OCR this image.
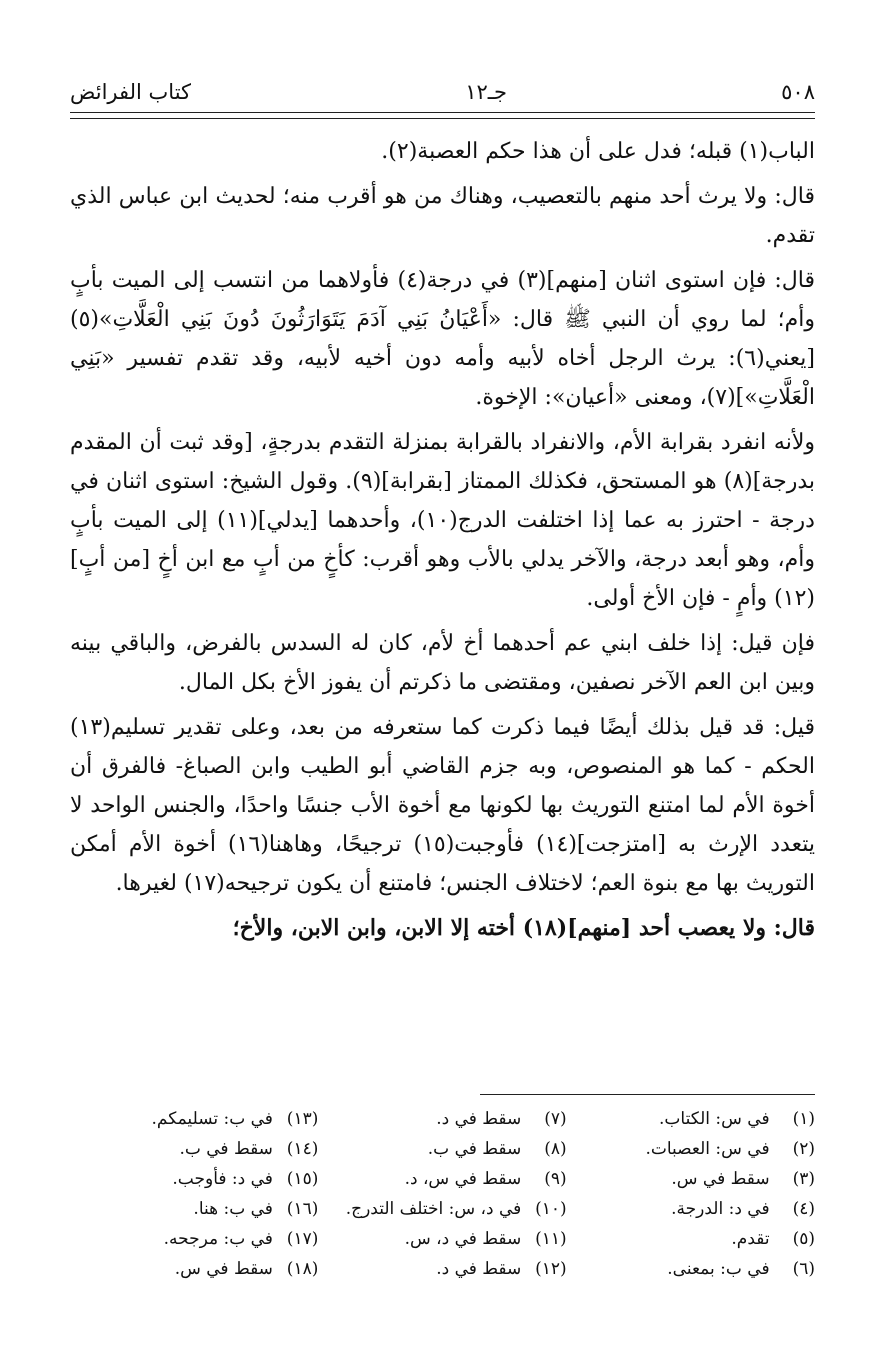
كتاب الفرائض	جـ١٢	٥٠٨

الباب(١) قبله؛ فدل على أن هذا حكم العصبة(٢).

قال: ولا يرث أحد منهم بالتعصيب، وهناك من هو أقرب منه؛ لحديث ابن عباس الذي تقدم.

قال: فإن استوى اثنان [منهم](٣) في درجة(٤) فأولاهما من انتسب إلى الميت بأبٍ وأم؛ لما روي أن النبي ﷺ قال: «أَعْيَانُ بَنِي آدَمَ يَتَوَارَثُونَ دُونَ بَنِي الْعَلَّاتِ»(٥) [يعني(٦): يرث الرجل أخاه لأبيه وأمه دون أخيه لأبيه، وقد تقدم تفسير «بَنِي الْعَلَّاتِ»](٧)، ومعنى «أعيان»: الإخوة.

ولأنه انفرد بقرابة الأم، والانفراد بالقرابة بمنزلة التقدم بدرجةٍ، [وقد ثبت أن المقدم بدرجة](٨) هو المستحق، فكذلك الممتاز [بقرابة](٩). وقول الشيخ: استوى اثنان في درجة - احترز به عما إذا اختلفت الدرج(١٠)، وأحدهما [يدلي](١١) إلى الميت بأبٍ وأم، وهو أبعد درجة، والآخر يدلي بالأب وهو أقرب: كأخٍ من أبٍ مع ابن أخٍ [من أبٍ](١٢) وأمٍ - فإن الأخ أولى.

فإن قيل: إذا خلف ابني عم أحدهما أخ لأم، كان له السدس بالفرض، والباقي بينه وبين ابن العم الآخر نصفين، ومقتضى ما ذكرتم أن يفوز الأخ بكل المال.

قيل: قد قيل بذلك أيضًا فيما ذكرت كما ستعرفه من بعد، وعلى تقدير تسليم(١٣) الحكم - كما هو المنصوص، وبه جزم القاضي أبو الطيب وابن الصباغ- فالفرق أن أخوة الأم لما امتنع التوريث بها لكونها مع أخوة الأب جنسًا واحدًا، والجنس الواحد لا يتعدد الإرث به [امتزجت](١٤) فأوجبت(١٥) ترجيحًا، وهاهنا(١٦) أخوة الأم أمكن التوريث بها مع بنوة العم؛ لاختلاف الجنس؛ فامتنع أن يكون ترجيحه(١٧) لغيرها.

قال: ولا يعصب أحد [منهم](١٨) أخته إلا الابن، وابن الابن، والأخ؛

(١) في س: الكتاب.
(٧) سقط في د.
(١٣) في ب: تسليمكم.
(٢) في س: العصبات.
(٨) سقط في ب.
(١٤) سقط في ب.
(٣) سقط في س.
(٩) سقط في س، د.
(١٥) في د: فأوجب.
(٤) في د: الدرجة.
(١٠) في د، س: اختلف التدرج.
(١٦) في ب: هنا.
(٥) تقدم.
(١١) سقط في د، س.
(١٧) في ب: مرجحه.
(٦) في ب: بمعنى.
(١٢) سقط في د.
(١٨) سقط في س.
